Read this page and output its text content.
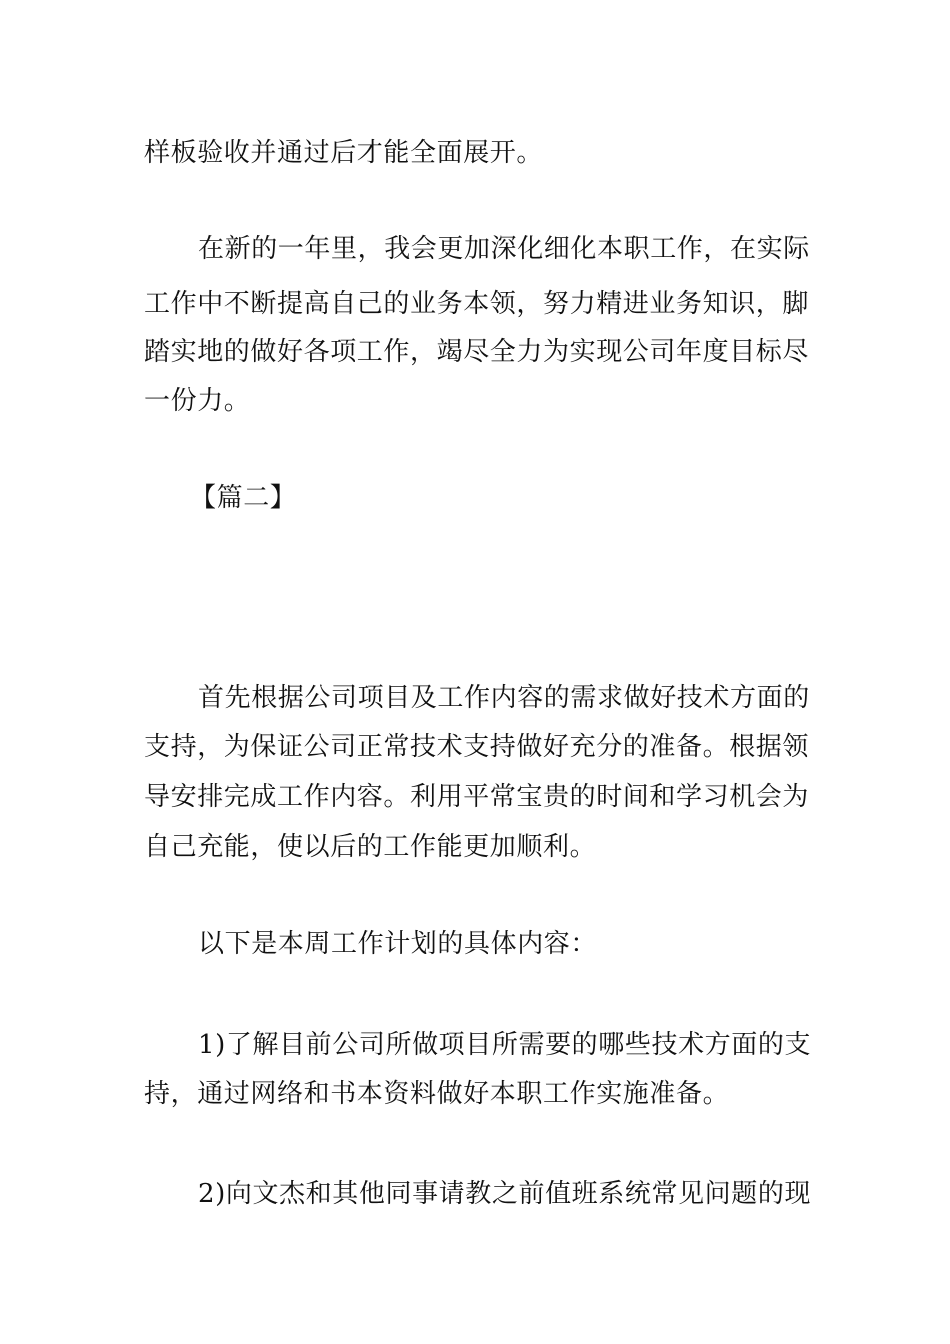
样板验收并通过后才能全面展开。
在新的一年里，我会更加深化细化本职工作，在实际
工作中不断提高自己的业务本领，努力精进业务知识，脚
踏实地的做好各项工作，竭尽全力为实现公司年度目标尽
一份力。
【篇二】
首先根据公司项目及工作内容的需求做好技术方面的
支持，为保证公司正常技术支持做好充分的准备。根据领
导安排完成工作内容。利用平常宝贵的时间和学习机会为
自己充能，使以后的工作能更加顺利。
以下是本周工作计划的具体内容：
1)了解目前公司所做项目所需要的哪些技术方面的支
持，通过网络和书本资料做好本职工作实施准备。
2)向文杰和其他同事请教之前值班系统常见问题的现
